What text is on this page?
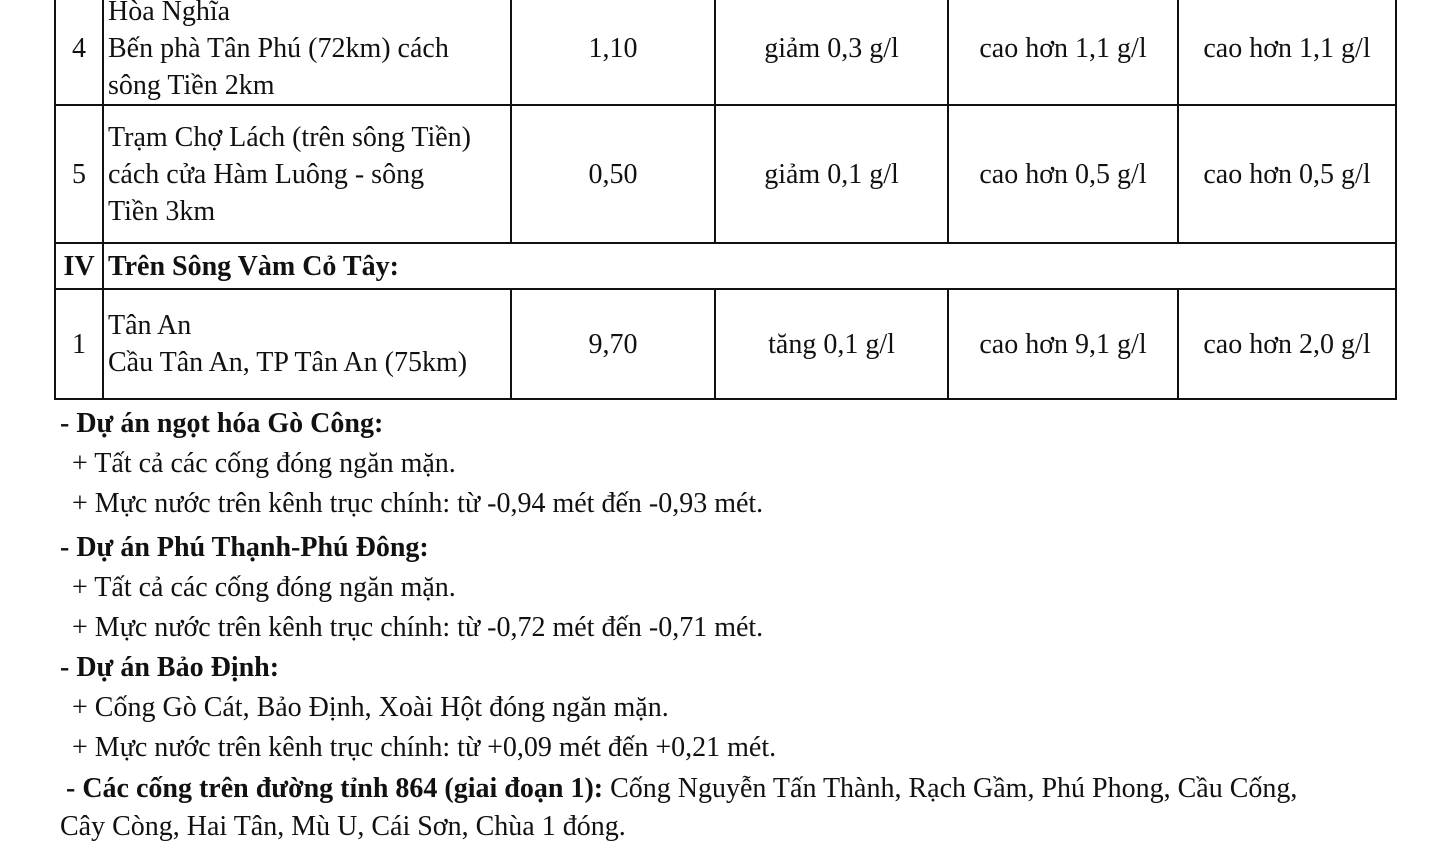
4	Hòa Nghĩa
Bến phà Tân Phú (72km) cách
sông Tiền 2km	1,10	giảm 0,3 g/l	cao hơn 1,1 g/l	cao hơn 1,1 g/l
5	Trạm Chợ Lách (trên sông Tiền)
cách cửa Hàm Luông - sông
Tiền 3km	0,50	giảm 0,1 g/l	cao hơn 0,5 g/l	cao hơn 0,5 g/l
IV	Trên Sông Vàm Cỏ Tây:				
1	Tân An
Cầu Tân An, TP Tân An (75km)	9,70	tăng 0,1 g/l	cao hơn 9,1 g/l	cao hơn 2,0 g/l
- Dự án ngọt hóa Gò Công:
+ Tất cả các cống đóng ngăn mặn.
+ Mực nước trên kênh trục chính: từ -0,94 mét đến -0,93 mét.
- Dự án Phú Thạnh-Phú Đông:
+ Tất cả các cống đóng ngăn mặn.
+ Mực nước trên kênh trục chính: từ -0,72 mét đến -0,71 mét.
- Dự án Bảo Định:
+ Cống Gò Cát, Bảo Định, Xoài Hột đóng ngăn mặn.
+ Mực nước trên kênh trục chính: từ +0,09 mét đến +0,21 mét.
- Các cống trên đường tỉnh 864 (giai đoạn 1): Cống Nguyễn Tấn Thành, Rạch Gầm, Phú Phong, Cầu Cống,
Cây Còng, Hai Tân, Mù U, Cái Sơn, Chùa 1 đóng.
